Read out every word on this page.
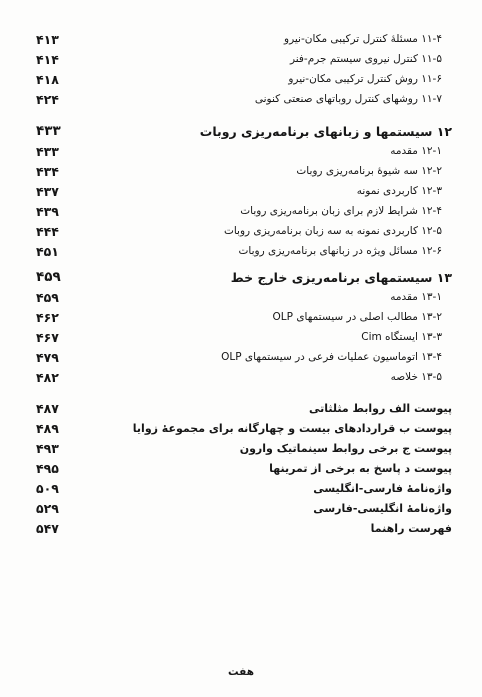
۴۱۳	۱۱-۴ مسئلهٔ کنترل ترکیبی مکان-نیرو
۴۱۴	۱۱-۵ کنترل نیروی سیستم جرم-فنر
۴۱۸	۱۱-۶ روش کنترل ترکیبی مکان-نیرو
۴۲۴	۱۱-۷ روشهای کنترل روباتهای صنعتی کنونی
۴۳۳	۱۲ سیستمها و زبانهای برنامه‌ریزی روبات
۴۳۳	۱۲-۱ مقدمه
۴۳۴	۱۲-۲ سه شیوهٔ برنامه‌ریزی روبات
۴۳۷	۱۲-۳ کاربردی نمونه
۴۳۹	۱۲-۴ شرایط لازم برای زبان برنامه‌ریزی روبات
۴۴۴	۱۲-۵ کاربردی نمونه به سه زبان برنامه‌ریزی روبات
۴۵۱	۱۲-۶ مسائل ویژه در زبانهای برنامه‌ریزی روبات
۴۵۹	۱۳ سیستمهای برنامه‌ریزی خارج خط
۴۵۹	۱۳-۱ مقدمه
۴۶۲	۱۳-۲ مطالب اصلی در سیستمهای OLP
۴۶۷	۱۳-۳ ایستگاه Cim
۴۷۹	۱۳-۴ اتوماسیون عملیات فرعی در سیستمهای OLP
۴۸۲	۱۳-۵ خلاصه
۴۸۷	پیوست الف روابط مثلثاتی
۴۸۹	پیوست ب قراردادهای بیست و چهارگانه برای مجموعهٔ زوایا
۴۹۳	پیوست ج برخی روابط سینماتیک وارون
۴۹۵	پیوست د پاسخ به برخی از تمرینها
۵۰۹	واژه‌نامهٔ فارسی-انگلیسی
۵۲۹	واژه‌نامهٔ انگلیسی-فارسی
۵۴۷	فهرست راهنما
هفت
